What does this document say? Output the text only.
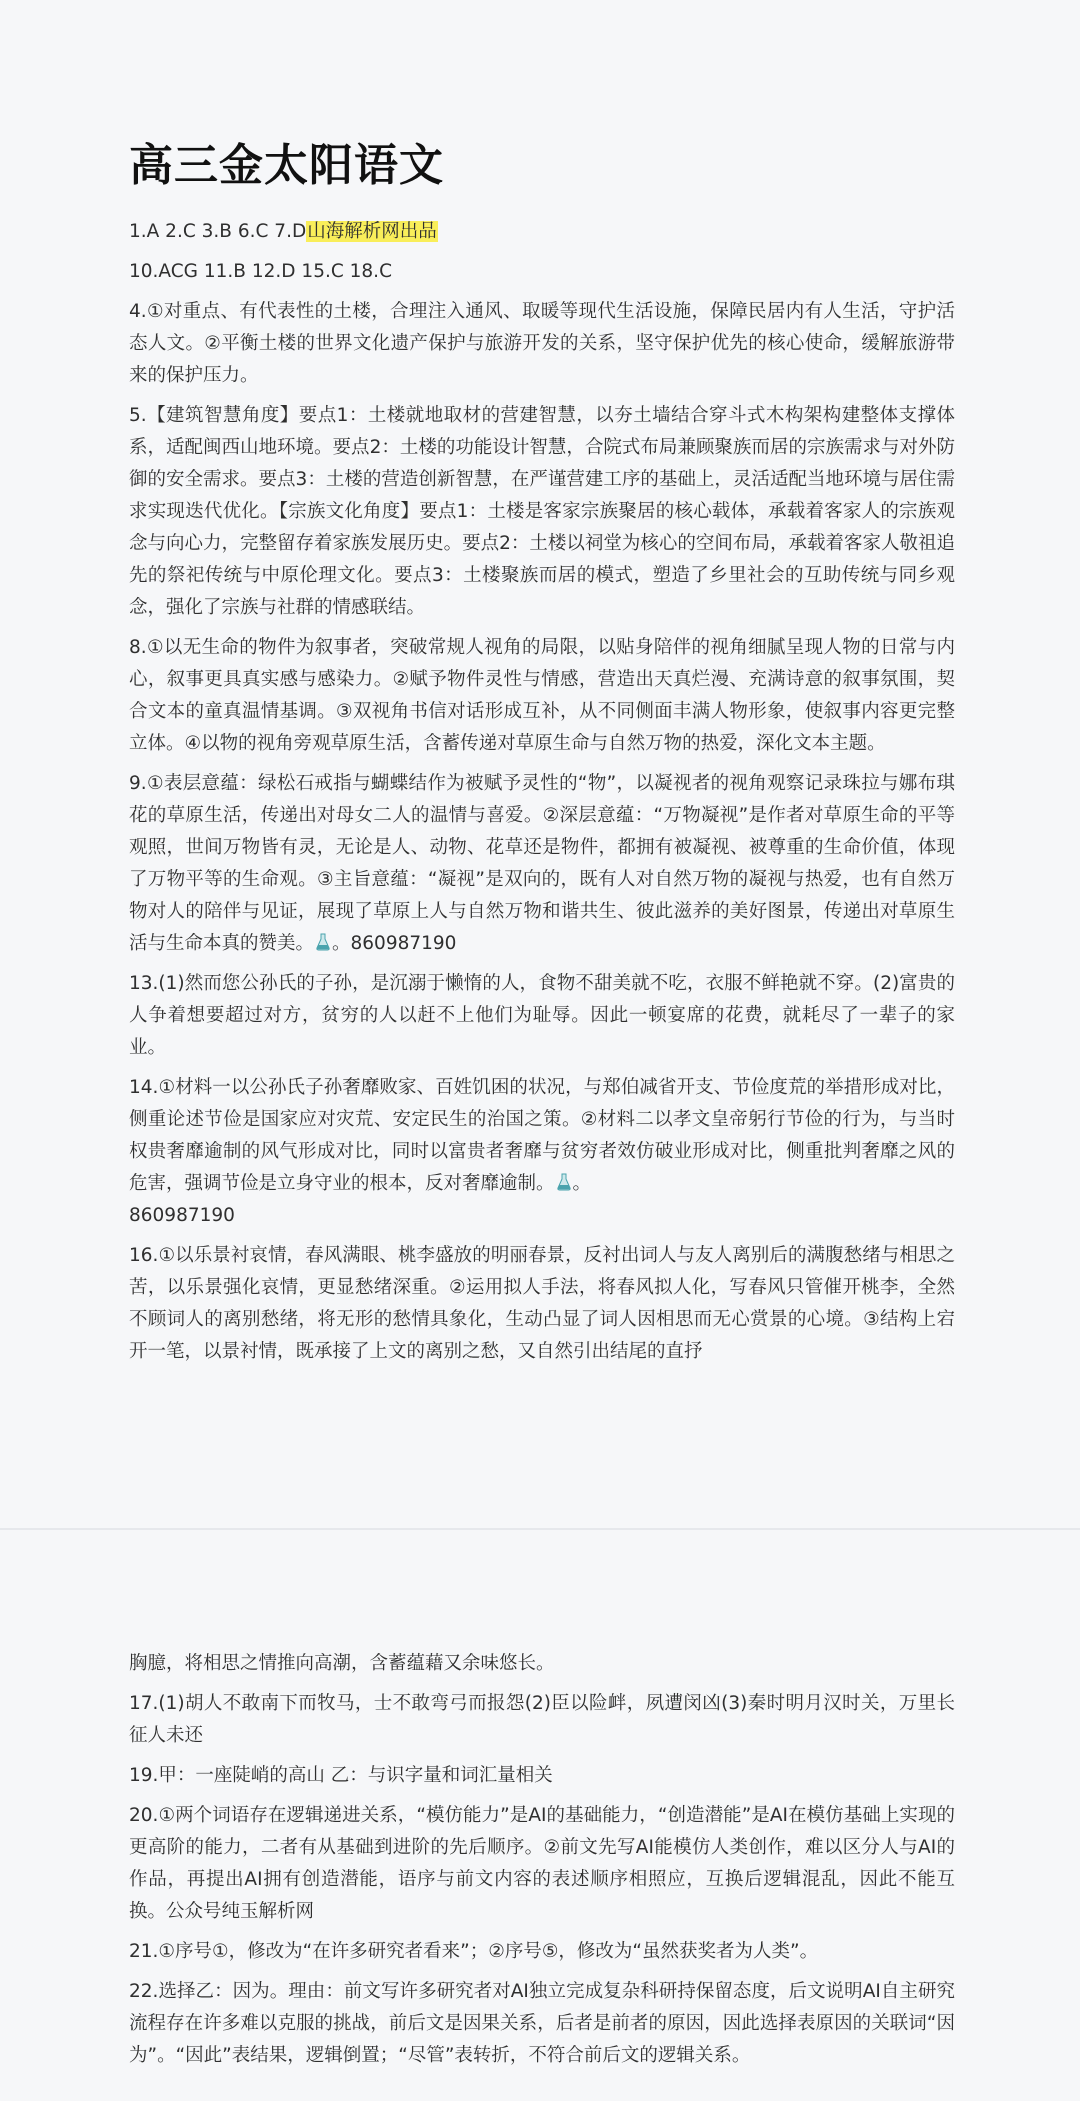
高三金太阳语文

1.A 2.C 3.B 6.C 7.D山海解析网出品

10.ACG 11.B 12.D 15.C 18.C

4.①对重点、有代表性的土楼，合理注入通风、取暖等现代生活设施，保障民居内有人生活，守护活态人文。②平衡土楼的世界文化遗产保护与旅游开发的关系，坚守保护优先的核心使命，缓解旅游带来的保护压力。

5.【建筑智慧角度】要点1：土楼就地取材的营建智慧，以夯土墙结合穿斗式木构架构建整体支撑体系，适配闽西山地环境。要点2：土楼的功能设计智慧，合院式布局兼顾聚族而居的宗族需求与对外防御的安全需求。要点3：土楼的营造创新智慧，在严谨营建工序的基础上，灵活适配当地环境与居住需求实现迭代优化。【宗族文化角度】要点1：土楼是客家宗族聚居的核心载体，承载着客家人的宗族观念与向心力，完整留存着家族发展历史。要点2：土楼以祠堂为核心的空间布局，承载着客家人敬祖追先的祭祀传统与中原伦理文化。要点3：土楼聚族而居的模式，塑造了乡里社会的互助传统与同乡观念，强化了宗族与社群的情感联结。

8.①以无生命的物件为叙事者，突破常规人视角的局限，以贴身陪伴的视角细腻呈现人物的日常与内心，叙事更具真实感与感染力。②赋予物件灵性与情感，营造出天真烂漫、充满诗意的叙事氛围，契合文本的童真温情基调。③双视角书信对话形成互补，从不同侧面丰满人物形象，使叙事内容更完整立体。④以物的视角旁观草原生活，含蓄传递对草原生命与自然万物的热爱，深化文本主题。

9.①表层意蕴：绿松石戒指与蝴蝶结作为被赋予灵性的“物”，以凝视者的视角观察记录珠拉与娜布琪花的草原生活，传递出对母女二人的温情与喜爱。②深层意蕴：“万物凝视”是作者对草原生命的平等观照，世间万物皆有灵，无论是人、动物、花草还是物件，都拥有被凝视、被尊重的生命价值，体现了万物平等的生命观。③主旨意蕴：“凝视”是双向的，既有人对自然万物的凝视与热爱，也有自然万物对人的陪伴与见证，展现了草原上人与自然万物和谐共生、彼此滋养的美好图景，传递出对草原生活与生命本真的赞美。 。860987190

13.(1)然而您公孙氏的子孙，是沉溺于懒惰的人，食物不甜美就不吃，衣服不鲜艳就不穿。(2)富贵的人争着想要超过对方，贫穷的人以赶不上他们为耻辱。因此一顿宴席的花费，就耗尽了一辈子的家业。

14.①材料一以公孙氏子孙奢靡败家、百姓饥困的状况，与郑伯减省开支、节俭度荒的举措形成对比，侧重论述节俭是国家应对灾荒、安定民生的治国之策。②材料二以孝文皇帝躬行节俭的行为，与当时权贵奢靡逾制的风气形成对比，同时以富贵者奢靡与贫穷者效仿破业形成对比，侧重批判奢靡之风的危害，强调节俭是立身守业的根本，反对奢靡逾制。 。
860987190

16.①以乐景衬哀情，春风满眼、桃李盛放的明丽春景，反衬出词人与友人离别后的满腹愁绪与相思之苦，以乐景强化哀情，更显愁绪深重。②运用拟人手法，将春风拟人化，写春风只管催开桃李，全然不顾词人的离别愁绪，将无形的愁情具象化，生动凸显了词人因相思而无心赏景的心境。③结构上宕开一笔，以景衬情，既承接了上文的离别之愁，又自然引出结尾的直抒

胸臆，将相思之情推向高潮，含蓄蕴藉又余味悠长。

17.(1)胡人不敢南下而牧马，士不敢弯弓而报怨(2)臣以险衅，夙遭闵凶(3)秦时明月汉时关，万里长征人未还

19.甲：一座陡峭的高山 乙：与识字量和词汇量相关

20.①两个词语存在逻辑递进关系，“模仿能力”是AI的基础能力，“创造潜能”是AI在模仿基础上实现的更高阶的能力，二者有从基础到进阶的先后顺序。②前文先写AI能模仿人类创作，难以区分人与AI的作品，再提出AI拥有创造潜能，语序与前文内容的表述顺序相照应，互换后逻辑混乱，因此不能互换。公众号纯玉解析网

21.①序号①，修改为“在许多研究者看来”；②序号⑤，修改为“虽然获奖者为人类”。

22.选择乙：因为。理由：前文写许多研究者对AI独立完成复杂科研持保留态度，后文说明AI自主研究流程存在许多难以克服的挑战，前后文是因果关系，后者是前者的原因，因此选择表原因的关联词“因为”。“因此”表结果，逻辑倒置；“尽管”表转折，不符合前后文的逻辑关系。
